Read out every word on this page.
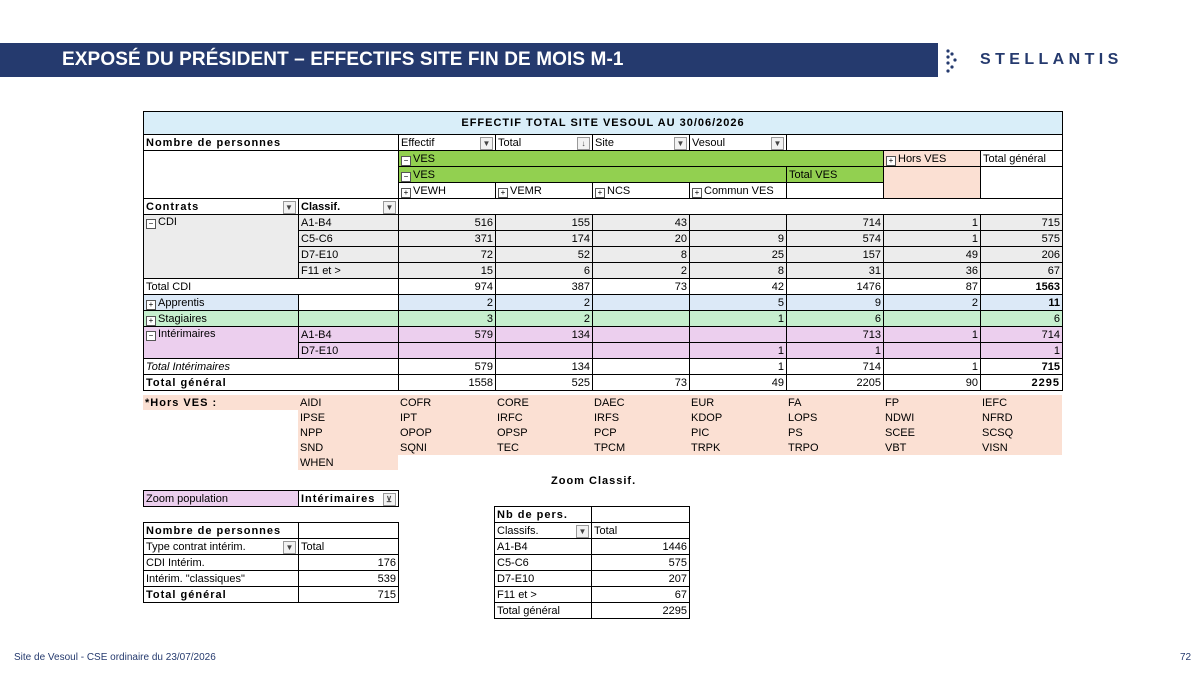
EXPOSÉ DU PRÉSIDENT – EFFECTIFS SITE FIN DE MOIS M-1	STELLANTIS
EFFECTIF TOTAL SITE VESOUL AU 30/06/2026								
Nombre de personnes		Effectif ▼	Total ↓	Site ▼	Vesoul ▼			

		− VES					+ Hors VES	Total général
		− VES				Total VES		
		+ VEWH	+ VEMR	+ NCS	+ Commun VES			
Contrats ▼	Classif. ▼							

− CDI	A1-B4	516	155	43		714	1	715
	C5-C6	371	174	20	9	574	1	575
	D7-E10	72	52	8	25	157	49	206
	F11 et >	15	6	2	8	31	36	67
Total CDI		974	387	73	42	1476	87	1563
+ Apprentis		2	2		5	9	2	11
+ Stagiaires		3	2		1	6		6
− Intérimaires	A1-B4	579	134			713	1	714
	D7-E10				1	1		1
Total Intérimaires		579	134		1	714	1	715
Total général		1558	525	73	49	2205	90	2295
*Hors VES :	AIDI	COFR	CORE	DAEC	EUR	FA	FP	IEFC
	IPSE	IPT	IRFC	IRFS	KDOP	LOPS	NDWI	NFRD
	NPP	OPOP	OPSP	PCP	PIC	PS	SCEE	SCSQ
	SND	SQNI	TEC	TPCM	TRPK	TRPO	VBT	VISN
	WHEN							
Zoom population	Intérimaires	⊻
Nombre de personnes	
Type contrat intérim. ▼	Total
CDI Intérim.	176
Intérim. "classiques"	539
Total général	715
Zoom Classif.
Nb de pers.	
Classifs. ▼	Total
A1-B4	1446
C5-C6	575
D7-E10	207
F11 et >	67
Total général	2295
Site de Vesoul - CSE ordinaire du 23/07/2026	72
